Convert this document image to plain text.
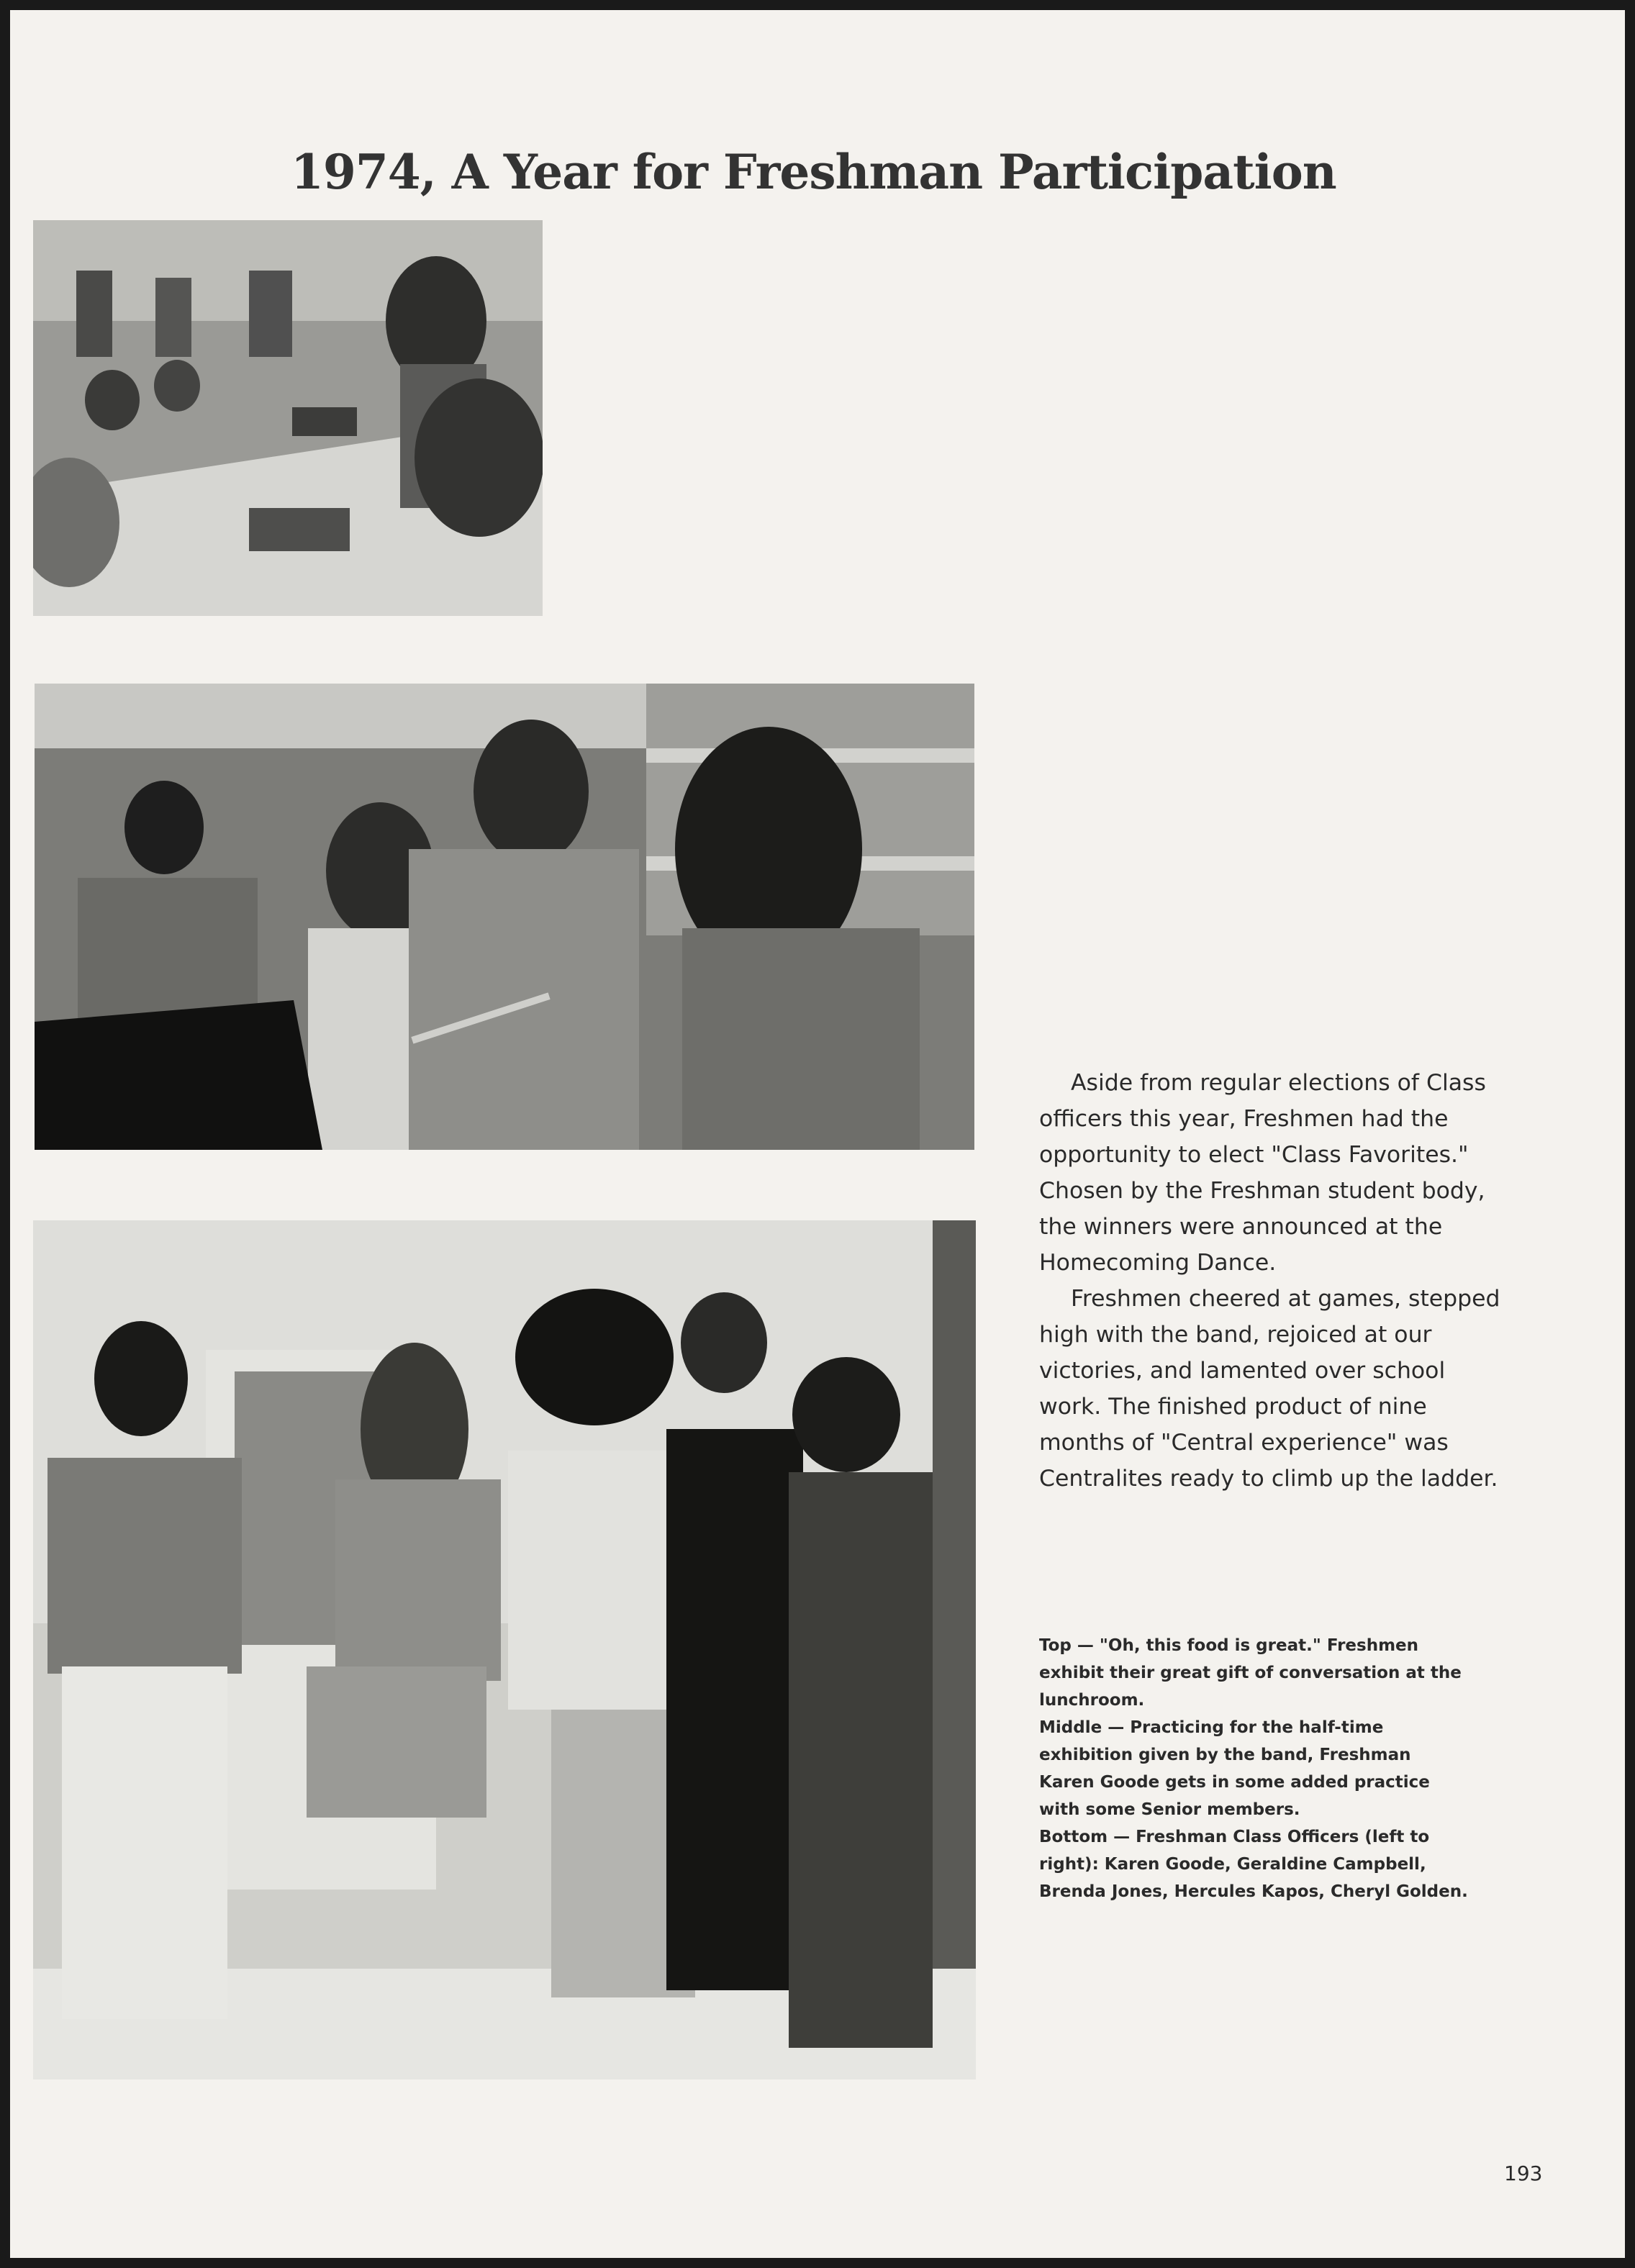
1974, A Year for Freshman Participation

Aside from regular elections of Class officers this year, Freshmen had the opportunity to elect "Class Favorites." Chosen by the Freshman student body, the winners were announced at the Homecoming Dance.

Freshmen cheered at games, stepped high with the band, rejoiced at our victories, and lamented over school work. The finished product of nine months of "Central experience" was Centralites ready to climb up the ladder.

Top — "Oh, this food is great." Freshmen exhibit their great gift of conversation at the lunchroom.

Middle — Practicing for the half-time exhibition given by the band, Freshman Karen Goode gets in some added practice with some Senior members.

Bottom — Freshman Class Officers (left to right): Karen Goode, Geraldine Campbell, Brenda Jones, Hercules Kapos, Cheryl Golden.

193
